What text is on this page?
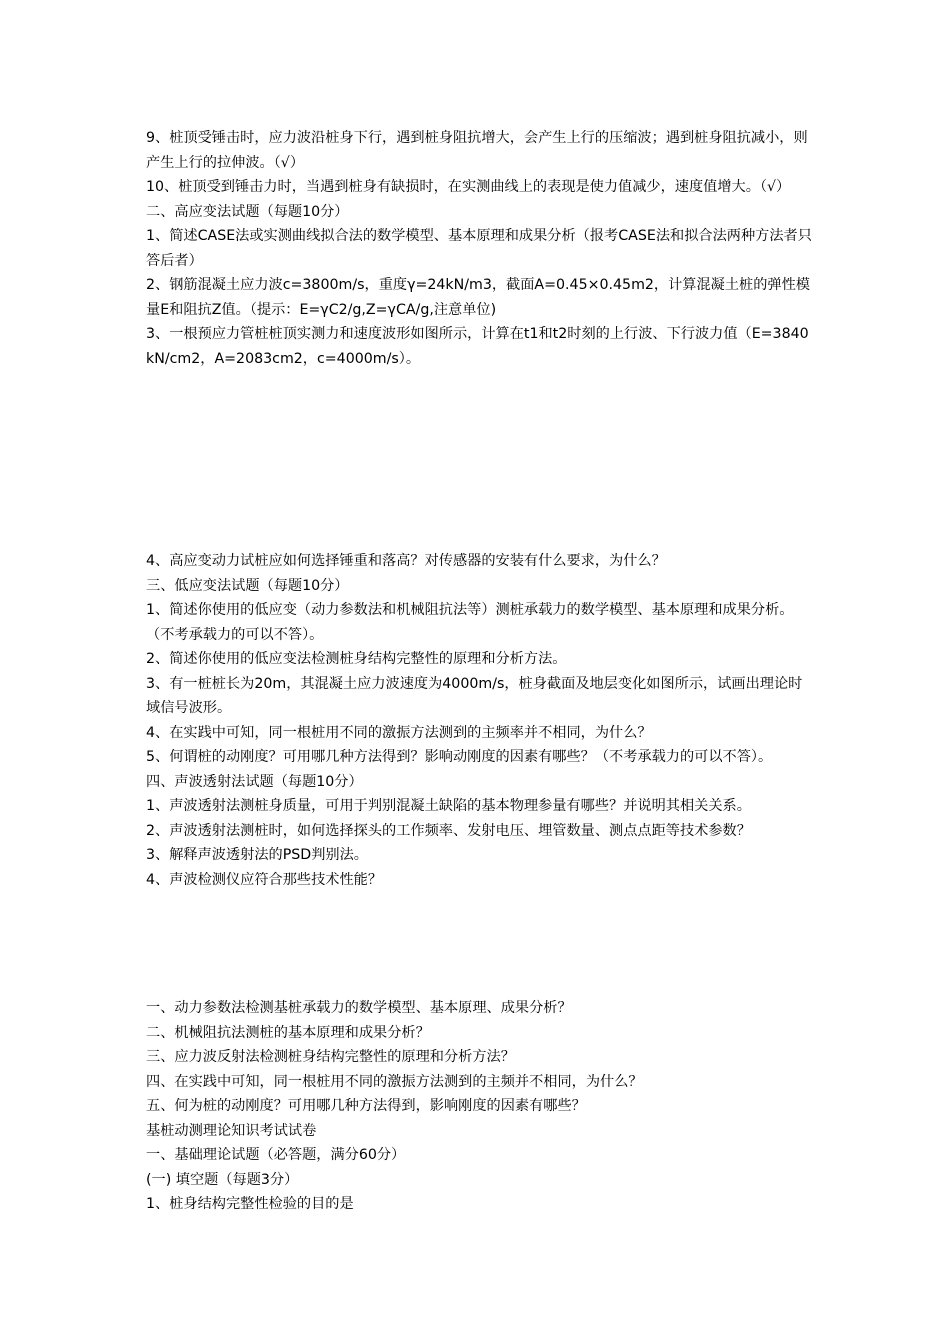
9、桩顶受锤击时，应力波沿桩身下行，遇到桩身阻抗增大，会产生上行的压缩波；遇到桩身阻抗减小，则产生上行的拉伸波。（√）

10、桩顶受到锤击力时，当遇到桩身有缺损时，在实测曲线上的表现是使力值减少，速度值增大。（√）

二、高应变法试题（每题10分）

1、简述CASE法或实测曲线拟合法的数学模型、基本原理和成果分析（报考CASE法和拟合法两种方法者只答后者）

2、钢筋混凝土应力波c=3800m/s，重度γ=24kN/m3，截面A=0.45×0.45m2，计算混凝土桩的弹性模量E和阻抗Z值。（提示：E=γC2/g,Z=γCA/g,注意单位)

3、一根预应力管桩桩顶实测力和速度波形如图所示，计算在t1和t2时刻的上行波、下行波力值（E=3840kN/cm2，A=2083cm2，c=4000m/s）。

4、高应变动力试桩应如何选择锤重和落高？对传感器的安装有什么要求，为什么？

三、低应变法试题（每题10分）

1、简述你使用的低应变（动力参数法和机械阻抗法等）测桩承载力的数学模型、基本原理和成果分析。（不考承载力的可以不答）。

2、简述你使用的低应变法检测桩身结构完整性的原理和分析方法。

3、有一桩桩长为20m，其混凝土应力波速度为4000m/s，桩身截面及地层变化如图所示，试画出理论时域信号波形。

4、在实践中可知，同一根桩用不同的激振方法测到的主频率并不相同，为什么？

5、何谓桩的动刚度？可用哪几种方法得到？影响动刚度的因素有哪些？（不考承载力的可以不答）。

四、声波透射法试题（每题10分）

1、声波透射法测桩身质量，可用于判别混凝土缺陷的基本物理参量有哪些？并说明其相关关系。

2、声波透射法测桩时，如何选择探头的工作频率、发射电压、埋管数量、测点点距等技术参数？

3、解释声波透射法的PSD判别法。

4、声波检测仪应符合那些技术性能？

一、动力参数法检测基桩承载力的数学模型、基本原理、成果分析？

二、机械阻抗法测桩的基本原理和成果分析？

三、应力波反射法检测桩身结构完整性的原理和分析方法？

四、在实践中可知，同一根桩用不同的激振方法测到的主频并不相同，为什么？

五、何为桩的动刚度？可用哪几种方法得到，影响刚度的因素有哪些？

基桩动测理论知识考试试卷

一、基础理论试题（必答题，满分60分）

(一) 填空题（每题3分）

1、桩身结构完整性检验的目的是
